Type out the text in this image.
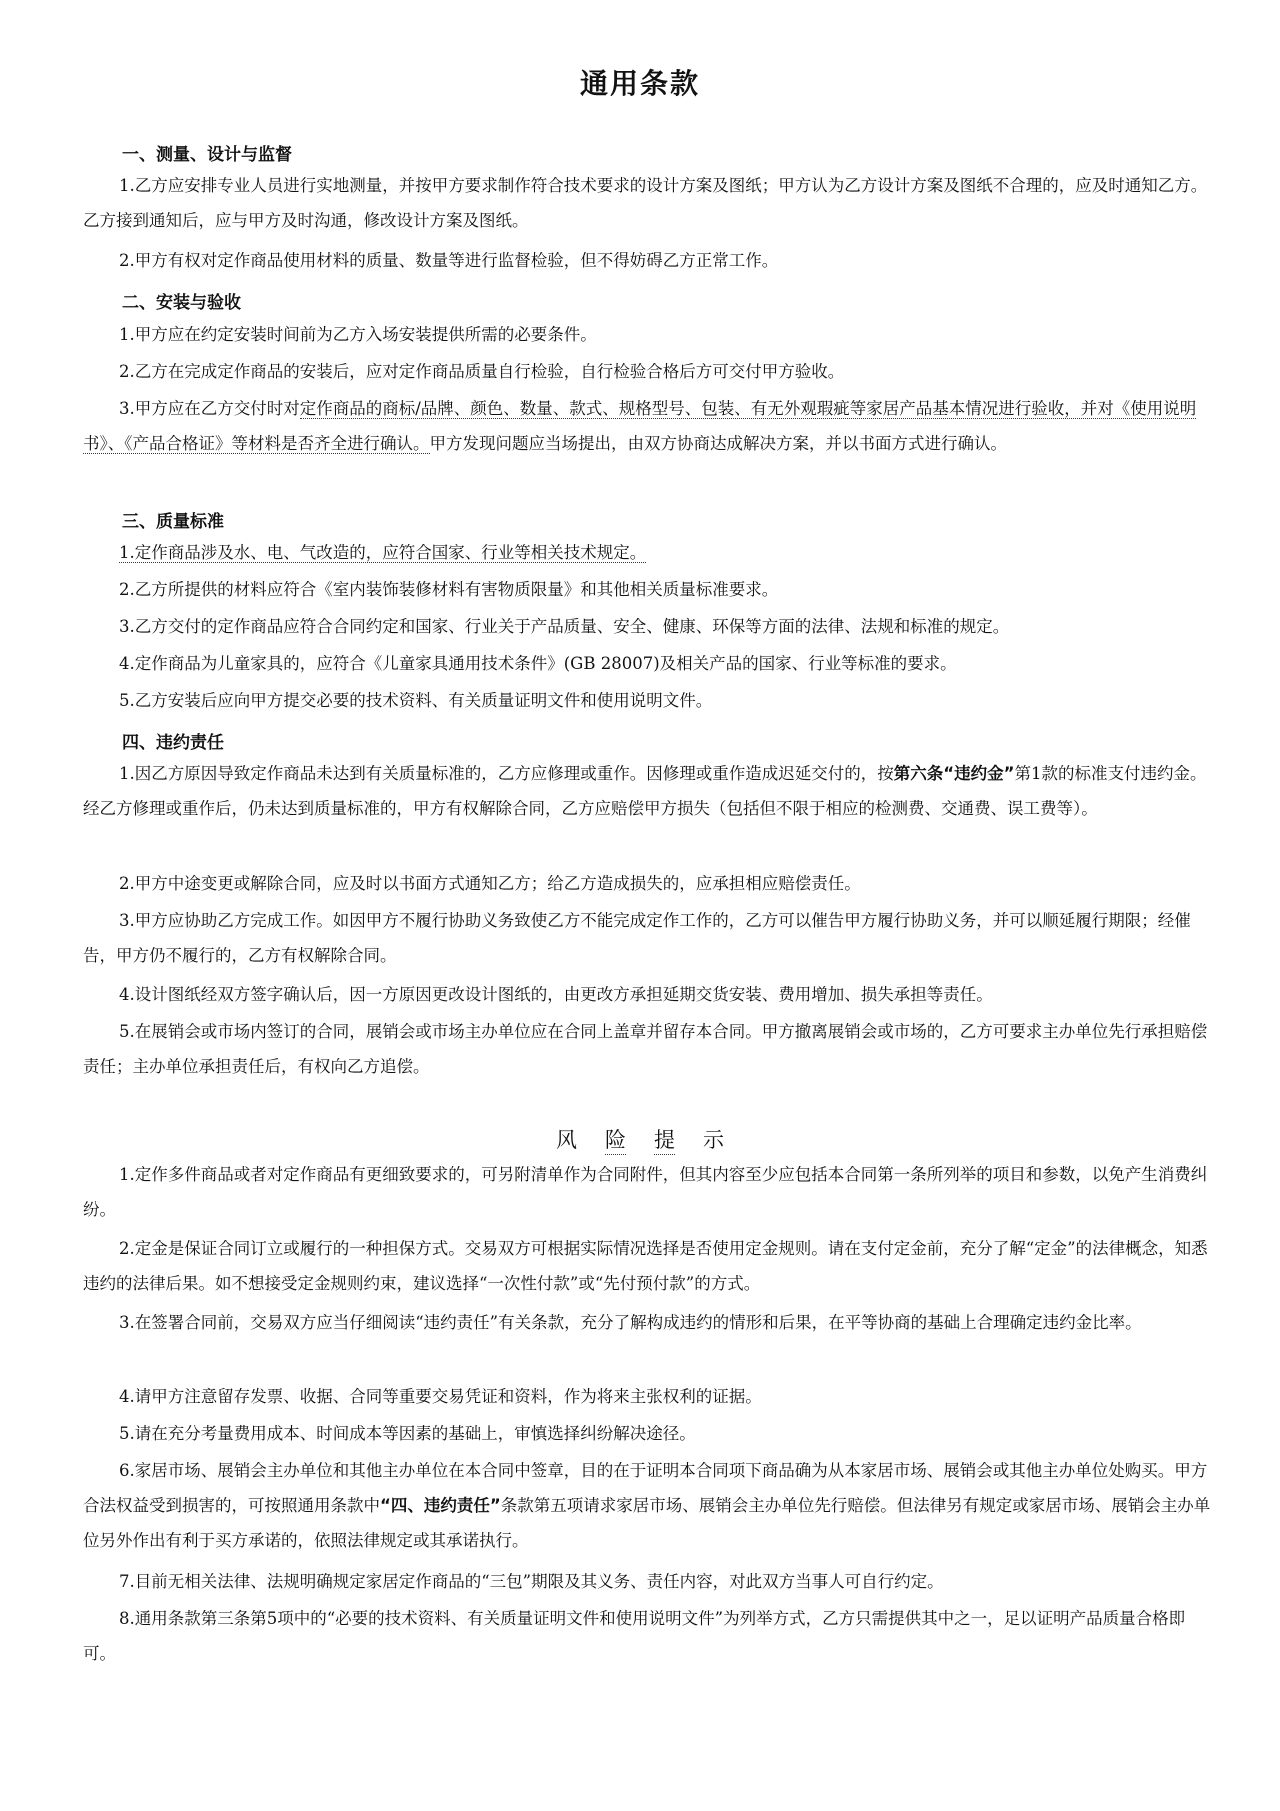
通用条款
一、测量、设计与监督
1.乙方应安排专业人员进行实地测量，并按甲方要求制作符合技术要求的设计方案及图纸；甲方认为乙方设计方案及图纸不合理的，应及时通知乙方。乙方接到通知后，应与甲方及时沟通，修改设计方案及图纸。
2.甲方有权对定作商品使用材料的质量、数量等进行监督检验，但不得妨碍乙方正常工作。
二、安装与验收
1.甲方应在约定安装时间前为乙方入场安装提供所需的必要条件。
2.乙方在完成定作商品的安装后，应对定作商品质量自行检验，自行检验合格后方可交付甲方验收。
3.甲方应在乙方交付时对定作商品的商标/品牌、颜色、数量、款式、规格型号、包装、有无外观瑕疵等家居产品基本情况进行验收，并对《使用说明书》、《产品合格证》等材料是否齐全进行确认。甲方发现问题应当场提出，由双方协商达成解决方案，并以书面方式进行确认。
三、质量标准
1.定作商品涉及水、电、气改造的，应符合国家、行业等相关技术规定。
2.乙方所提供的材料应符合《室内装饰装修材料有害物质限量》和其他相关质量标准要求。
3.乙方交付的定作商品应符合合同约定和国家、行业关于产品质量、安全、健康、环保等方面的法律、法规和标准的规定。
4.定作商品为儿童家具的，应符合《儿童家具通用技术条件》(GB 28007)及相关产品的国家、行业等标准的要求。
5.乙方安装后应向甲方提交必要的技术资料、有关质量证明文件和使用说明文件。
四、违约责任
1.因乙方原因导致定作商品未达到有关质量标准的，乙方应修理或重作。因修理或重作造成迟延交付的，按第六条“违约金”第1款的标准支付违约金。经乙方修理或重作后，仍未达到质量标准的，甲方有权解除合同，乙方应赔偿甲方损失（包括但不限于相应的检测费、交通费、误工费等）。
2.甲方中途变更或解除合同，应及时以书面方式通知乙方；给乙方造成损失的，应承担相应赔偿责任。
3.甲方应协助乙方完成工作。如因甲方不履行协助义务致使乙方不能完成定作工作的，乙方可以催告甲方履行协助义务，并可以顺延履行期限；经催告，甲方仍不履行的，乙方有权解除合同。
4.设计图纸经双方签字确认后，因一方原因更改设计图纸的，由更改方承担延期交货安装、费用增加、损失承担等责任。
5.在展销会或市场内签订的合同，展销会或市场主办单位应在合同上盖章并留存本合同。甲方撤离展销会或市场的，乙方可要求主办单位先行承担赔偿责任；主办单位承担责任后，有权向乙方追偿。
风 险 提 示
1.定作多件商品或者对定作商品有更细致要求的，可另附清单作为合同附件，但其内容至少应包括本合同第一条所列举的项目和参数，以免产生消费纠纷。
2.定金是保证合同订立或履行的一种担保方式。交易双方可根据实际情况选择是否使用定金规则。请在支付定金前，充分了解“定金”的法律概念，知悉违约的法律后果。如不想接受定金规则约束，建议选择“一次性付款”或“先付预付款”的方式。
3.在签署合同前，交易双方应当仔细阅读“违约责任”有关条款，充分了解构成违约的情形和后果，在平等协商的基础上合理确定违约金比率。
4.请甲方注意留存发票、收据、合同等重要交易凭证和资料，作为将来主张权利的证据。
5.请在充分考量费用成本、时间成本等因素的基础上，审慎选择纠纷解决途径。
6.家居市场、展销会主办单位和其他主办单位在本合同中签章，目的在于证明本合同项下商品确为从本家居市场、展销会或其他主办单位处购买。甲方合法权益受到损害的，可按照通用条款中“四、违约责任”条款第五项请求家居市场、展销会主办单位先行赔偿。但法律另有规定或家居市场、展销会主办单位另外作出有利于买方承诺的，依照法律规定或其承诺执行。
7.目前无相关法律、法规明确规定家居定作商品的“三包”期限及其义务、责任内容，对此双方当事人可自行约定。
8.通用条款第三条第5项中的“必要的技术资料、有关质量证明文件和使用说明文件”为列举方式，乙方只需提供其中之一，足以证明产品质量合格即可。
